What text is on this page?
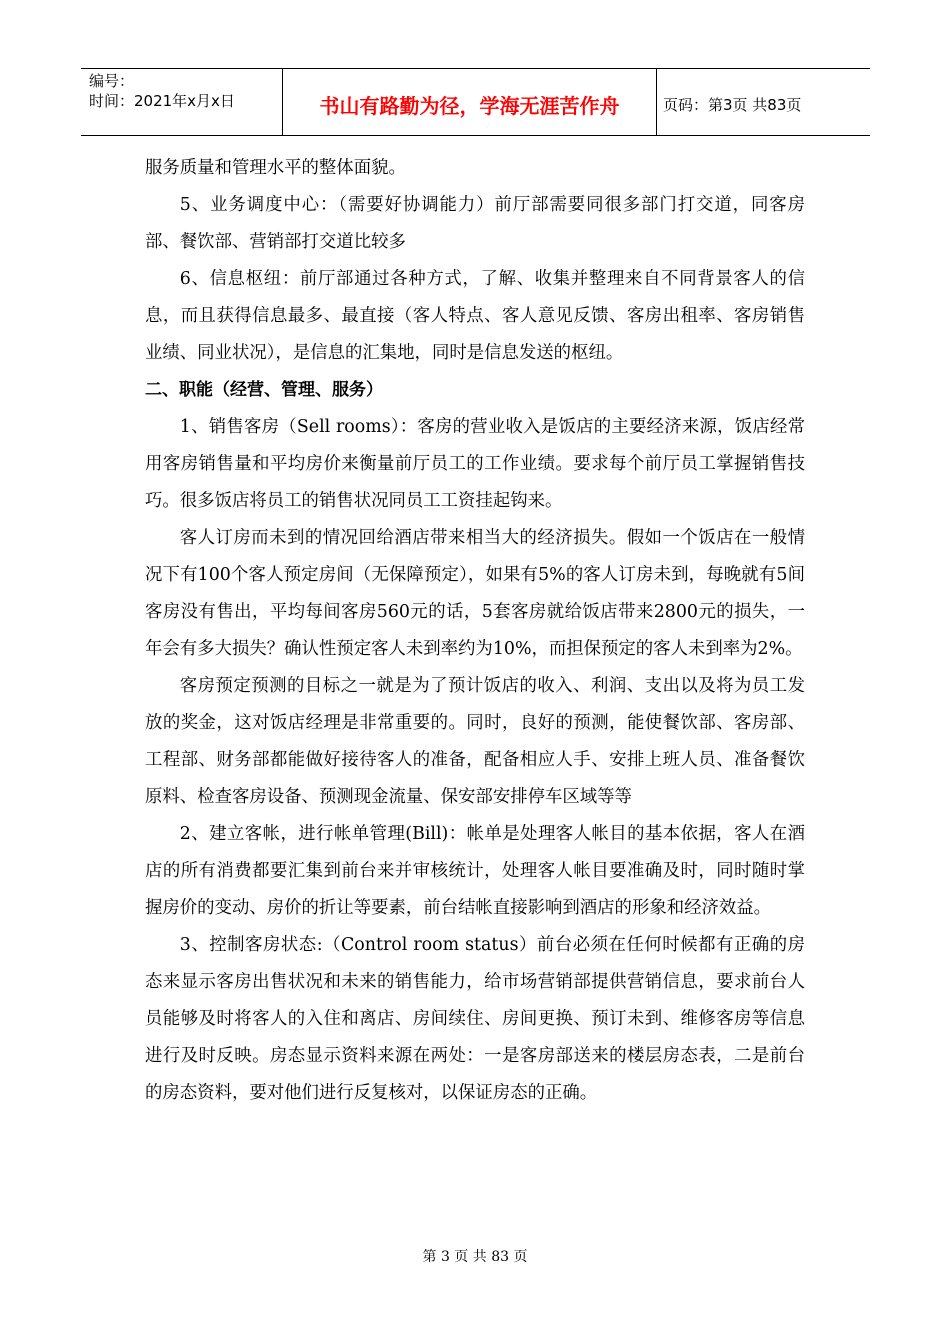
编号：
时间：2021年x月x日	书山有路勤为径，学海无涯苦作舟	页码：第3页 共83页

服务质量和管理水平的整体面貌。

5、业务调度中心：（需要好协调能力）前厅部需要同很多部门打交道，同客房部、餐饮部、营销部打交道比较多

6、信息枢纽：前厅部通过各种方式，了解、收集并整理来自不同背景客人的信息，而且获得信息最多、最直接（客人特点、客人意见反馈、客房出租率、客房销售业绩、同业状况），是信息的汇集地，同时是信息发送的枢纽。

二、职能（经营、管理、服务）

1、销售客房（Sell rooms）：客房的营业收入是饭店的主要经济来源，饭店经常用客房销售量和平均房价来衡量前厅员工的工作业绩。要求每个前厅员工掌握销售技巧。很多饭店将员工的销售状况同员工工资挂起钩来。

客人订房而未到的情况回给酒店带来相当大的经济损失。假如一个饭店在一般情况下有100个客人预定房间（无保障预定），如果有5%的客人订房未到，每晚就有5间客房没有售出，平均每间客房560元的话，5套客房就给饭店带来2800元的损失，一年会有多大损失？确认性预定客人未到率约为10%，而担保预定的客人未到率为2%。

客房预定预测的目标之一就是为了预计饭店的收入、利润、支出以及将为员工发放的奖金，这对饭店经理是非常重要的。同时，良好的预测，能使餐饮部、客房部、工程部、财务部都能做好接待客人的准备，配备相应人手、安排上班人员、准备餐饮原料、检查客房设备、预测现金流量、保安部安排停车区域等等

2、建立客帐，进行帐单管理(Bill)：帐单是处理客人帐目的基本依据，客人在酒店的所有消费都要汇集到前台来并审核统计，处理客人帐目要准确及时，同时随时掌握房价的变动、房价的折让等要素，前台结帐直接影响到酒店的形象和经济效益。

3、控制客房状态:（Control room status）前台必须在任何时候都有正确的房态来显示客房出售状况和未来的销售能力，给市场营销部提供营销信息，要求前台人员能够及时将客人的入住和离店、房间续住、房间更换、预订未到、维修客房等信息进行及时反映。房态显示资料来源在两处：一是客房部送来的楼层房态表，二是前台的房态资料，要对他们进行反复核对，以保证房态的正确。

第 3 页 共 83 页
